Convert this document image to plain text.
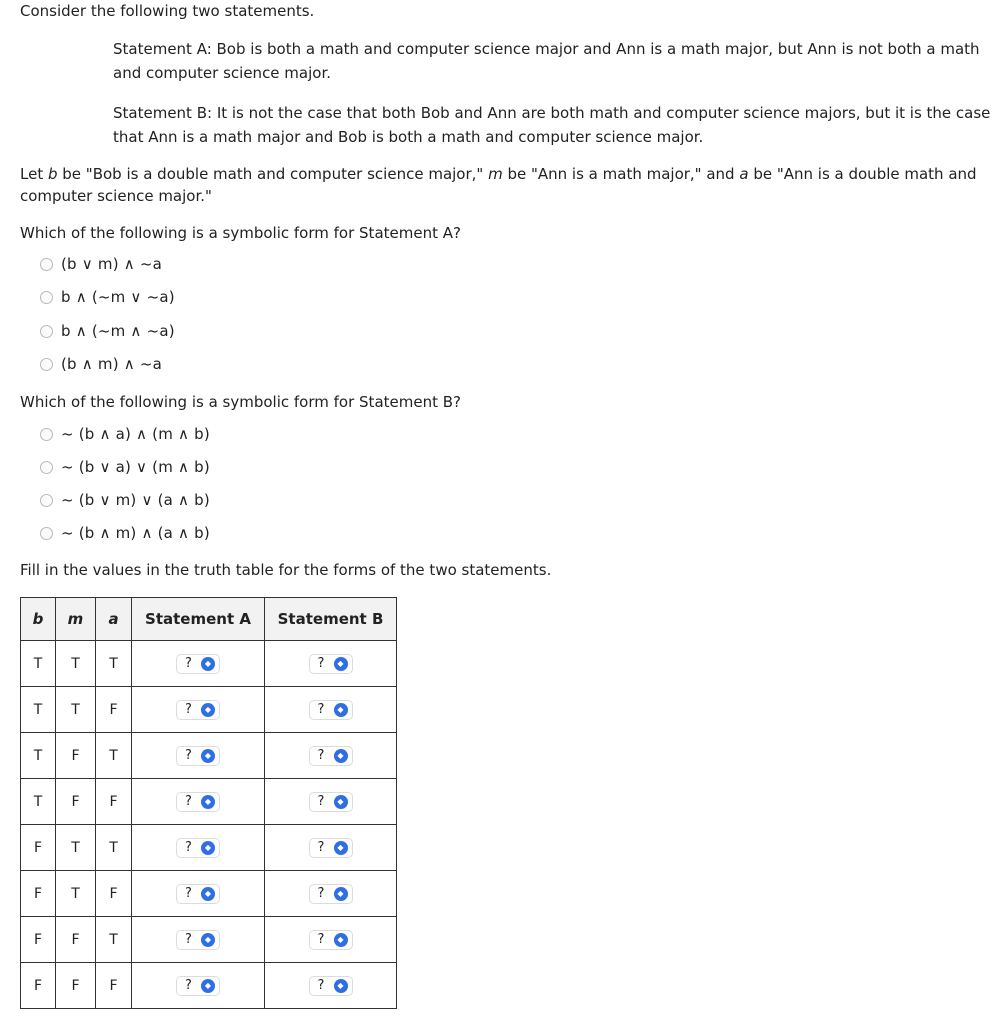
Consider the following two statements.
Statement A: Bob is both a math and computer science major and Ann is a math major, but Ann is not both a math and computer science major.
Statement B: It is not the case that both Bob and Ann are both math and computer science majors, but it is the case that Ann is a math major and Bob is both a math and computer science major.
Let b be "Bob is a double math and computer science major," m be "Ann is a math major," and a be "Ann is a double math and computer science major."
Which of the following is a symbolic form for Statement A?
(b ∨ m) ∧ ~a
b ∧ (~m ∨ ~a)
b ∧ (~m ∧ ~a)
(b ∧ m) ∧ ~a
Which of the following is a symbolic form for Statement B?
~ (b ∧ a) ∧ (m ∧ b)
~ (b ∨ a) ∨ (m ∧ b)
~ (b ∨ m) ∨ (a ∧ b)
~ (b ∧ m) ∧ (a ∧ b)
Fill in the values in the truth table for the forms of the two statements.
b	m	a	Statement A	Statement B
T	T	T	? ◆	? ◆

T	T	F	? ◆	? ◆

T	F	T	? ◆	? ◆

T	F	F	? ◆	? ◆

F	T	T	? ◆	? ◆

F	T	F	? ◆	? ◆

F	F	T	? ◆	? ◆

F	F	F	? ◆	? ◆
